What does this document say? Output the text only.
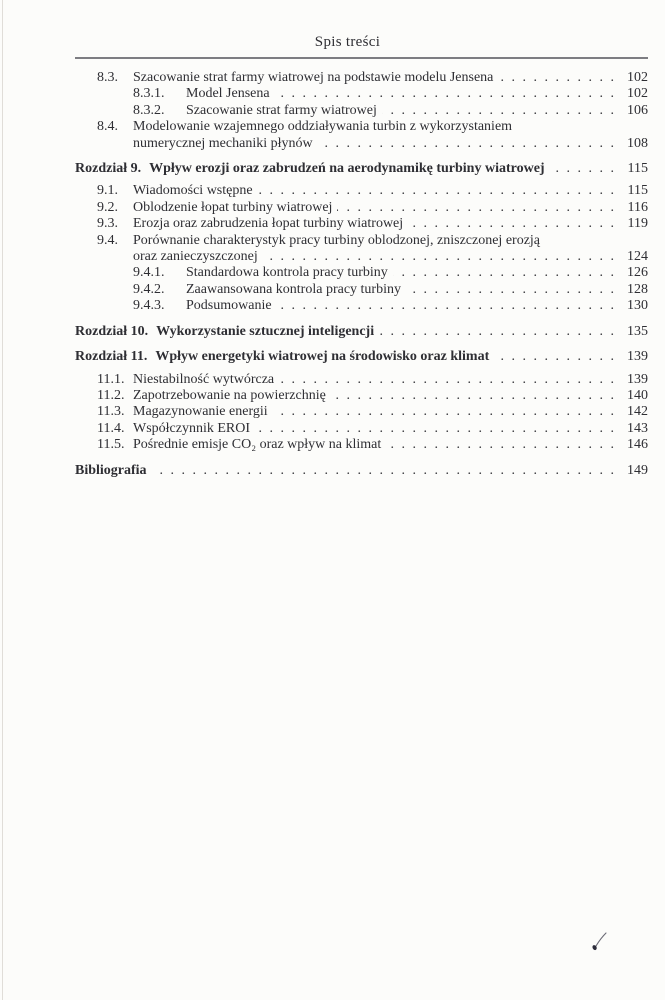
Spis treści
8.3.	Szacowanie strat farmy wiatrowej na podstawie modelu Jensena . . .	102
8.3.1.	Model Jensena . . .	102
8.3.2.	Szacowanie strat farmy wiatrowej . . .	106
8.4.	Modelowanie wzajemnego oddziaływania turbin z wykorzystaniem
numerycznej mechaniki płynów . . .	108
Rozdział 9. Wpływ erozji oraz zabrudzeń na aerodynamikę turbiny wiatrowej . . .	115
9.1.	Wiadomości wstępne . . .	115
9.2.	Oblodzenie łopat turbiny wiatrowej . . .	116
9.3.	Erozja oraz zabrudzenia łopat turbiny wiatrowej . . .	119
9.4.	Porównanie charakterystyk pracy turbiny oblodzonej, zniszczonej erozją
oraz zanieczyszczonej . . .	124
9.4.1.	Standardowa kontrola pracy turbiny . . .	126
9.4.2.	Zaawansowana kontrola pracy turbiny . . .	128
9.4.3.	Podsumowanie . . .	130
Rozdział 10. Wykorzystanie sztucznej inteligencji . . .	135
Rozdział 11. Wpływ energetyki wiatrowej na środowisko oraz klimat . . .	139
11.1. Niestabilność wytwórcza . . .	139
11.2. Zapotrzebowanie na powierzchnię . . .	140
11.3. Magazynowanie energii . . .	142
11.4. Współczynnik EROI . . .	143
11.5. Pośrednie emisje CO₂ oraz wpływ na klimat . . .	146
Bibliografia . . .	149
